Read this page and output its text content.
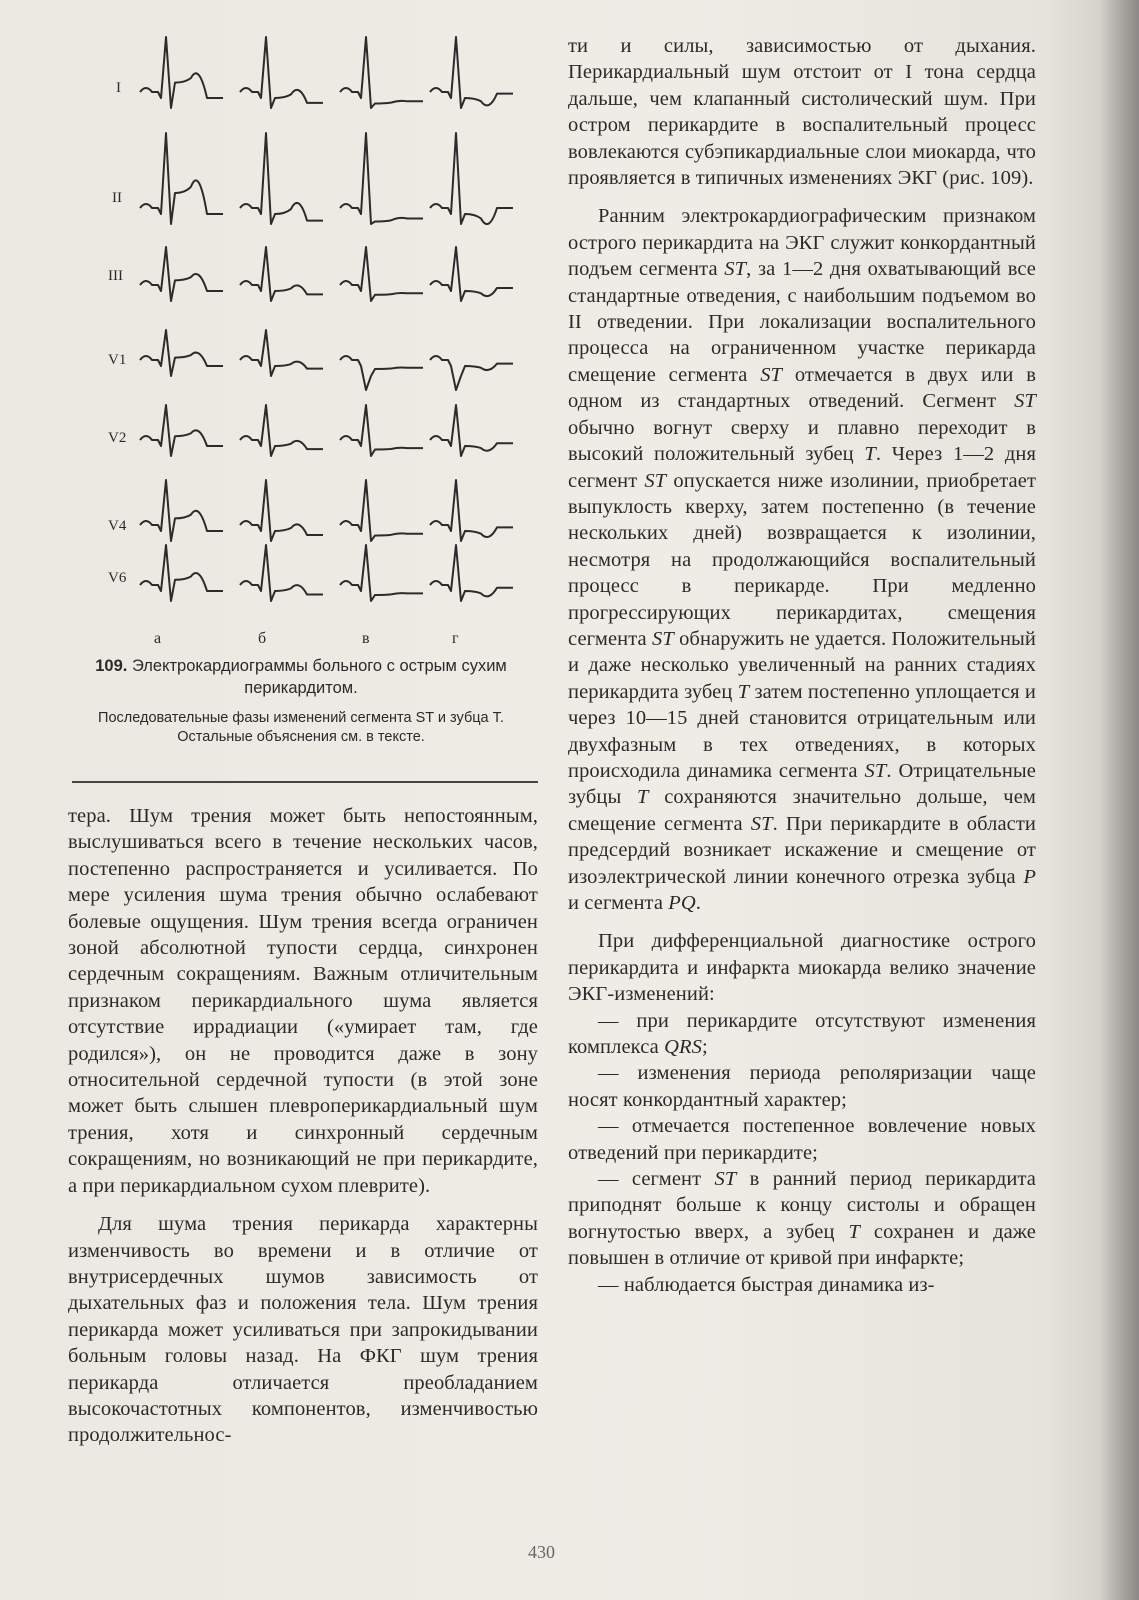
I
II
III
V1
V2
V4
V6
а	б	в	г

109. Электрокардиограммы больного с острым сухим перикардитом.

Последовательные фазы изменений сегмента ST и зубца T. Остальные объяснения см. в тексте.

тера. Шум трения может быть непостоянным, выслушиваться всего в течение нескольких часов, постепенно распространяется и усиливается. По мере усиления шума трения обычно ослабевают болевые ощущения. Шум трения всегда ограничен зоной абсолютной тупости сердца, синхронен сердечным сокращениям. Важным отличительным признаком перикардиального шума является отсутствие иррадиации («умирает там, где родился»), он не проводится даже в зону относительной сердечной тупости (в этой зоне может быть слышен плевроперикардиальный шум трения, хотя и синхронный сердечным сокращениям, но возникающий не при перикардите, а при перикардиальном сухом плеврите).

Для шума трения перикарда характерны изменчивость во времени и в отличие от внутрисердечных шумов зависимость от дыхательных фаз и положения тела. Шум трения перикарда может усиливаться при запрокидывании больным головы назад. На ФКГ шум трения перикарда отличается преобладанием высокочастотных компонентов, изменчивостью продолжительнос-

ти и силы, зависимостью от дыхания. Перикардиальный шум отстоит от I тона сердца дальше, чем клапанный систолический шум. При остром перикардите в воспалительный процесс вовлекаются субэпикардиальные слои миокарда, что проявляется в типичных изменениях ЭКГ (рис. 109).

Ранним электрокардиографическим признаком острого перикардита на ЭКГ служит конкордантный подъем сегмента ST, за 1—2 дня охватывающий все стандартные отведения, с наибольшим подъемом во II отведении. При локализации воспалительного процесса на ограниченном участке перикарда смещение сегмента ST отмечается в двух или в одном из стандартных отведений. Сегмент ST обычно вогнут сверху и плавно переходит в высокий положительный зубец T. Через 1—2 дня сегмент ST опускается ниже изолинии, приобретает выпуклость кверху, затем постепенно (в течение нескольких дней) возвращается к изолинии, несмотря на продолжающийся воспалительный процесс в перикарде. При медленно прогрессирующих перикардитах, смещения сегмента ST обнаружить не удается. Положительный и даже несколько увеличенный на ранних стадиях перикардита зубец T затем постепенно уплощается и через 10—15 дней становится отрицательным или двухфазным в тех отведениях, в которых происходила динамика сегмента ST. Отрицательные зубцы T сохраняются значительно дольше, чем смещение сегмента ST. При перикардите в области предсердий возникает искажение и смещение от изоэлектрической линии конечного отрезка зубца P и сегмента PQ.

При дифференциальной диагностике острого перикардита и инфаркта миокарда велико значение ЭКГ-изменений:

— при перикардите отсутствуют изменения комплекса QRS;

— изменения периода реполяризации чаще носят конкордантный характер;

— отмечается постепенное вовлечение новых отведений при перикардите;

— сегмент ST в ранний период перикардита приподнят больше к концу систолы и обращен вогнутостью вверх, а зубец T сохранен и даже повышен в отличие от кривой при инфаркте;

— наблюдается быстрая динамика из-

430
